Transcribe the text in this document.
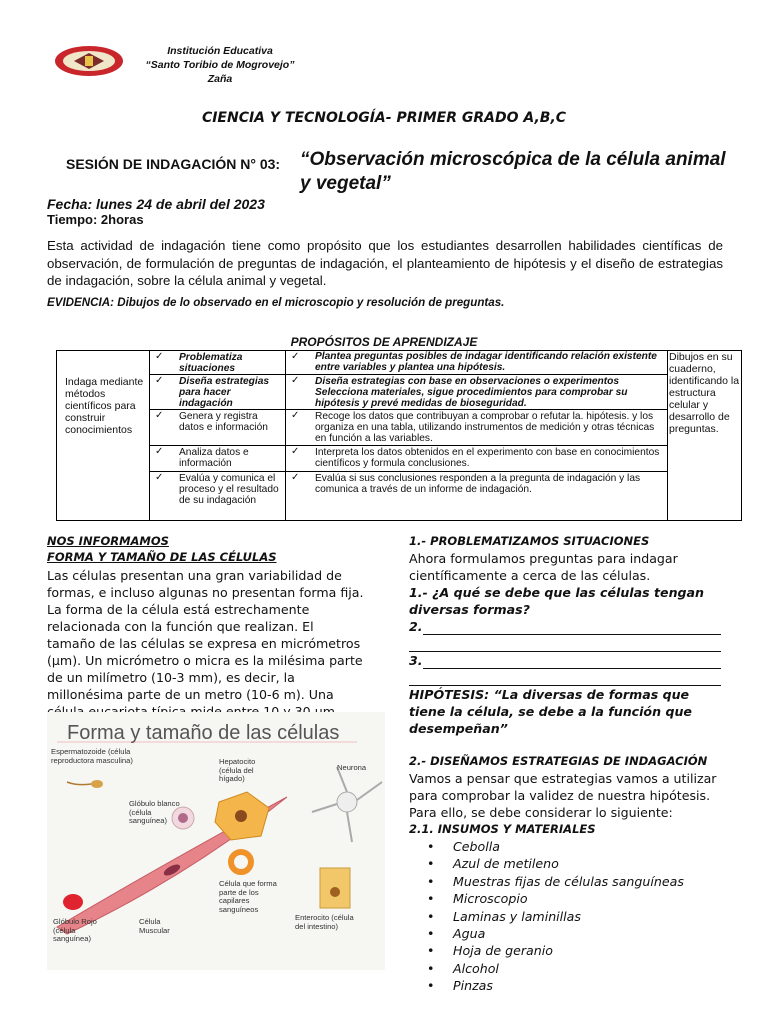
Institución Educativa
“Santo Toribio de Mogrovejo”
Zaña
CIENCIA Y TECNOLOGÍA- PRIMER GRADO A,B,C
SESIÓN DE INDAGACIÓN N° 03: “Observación microscópica de la célula animal y vegetal”
Fecha: lunes 24 de abril del 2023
Tiempo: 2horas
Esta actividad de indagación tiene como propósito que los estudiantes desarrollen habilidades científicas de observación, de formulación de preguntas de indagación, el planteamiento de hipótesis y el diseño de estrategias de indagación, sobre la célula animal y vegetal.
EVIDENCIA: Dibujos de lo observado en el microscopio y resolución de preguntas.
PROPÓSITOS DE APRENDIZAJE
Indaga mediante métodos científicos para construir conocimientos
Dibujos en su cuaderno, identificando la estructura celular y desarrollo de preguntas.
✓ Problematiza situaciones
✓ Plantea preguntas posibles de indagar identificando relación existente entre variables y plantea una hipótesis.
✓ Diseña estrategias para hacer indagación
✓ Diseña estrategias con base en observaciones o experimentos Selecciona materiales, sigue procedimientos para comprobar su hipótesis y prevé medidas de bioseguridad.
✓ Genera y registra datos e información
✓ Recoge los datos que contribuyan a comprobar o refutar la. hipótesis. y los organiza en una tabla, utilizando instrumentos de medición y otras técnicas en función a las variables.
✓ Analiza datos e información
✓ Interpreta los datos obtenidos en el experimento con base en conocimientos científicos y formula conclusiones.
✓ Evalúa y comunica el proceso y el resultado de su indagación
✓ Evalúa si sus conclusiones responden a la pregunta de indagación y las comunica a través de un informe de indagación.
NOS INFORMAMOS
FORMA Y TAMAÑO DE LAS CÉLULAS
Las células presentan una gran variabilidad de formas, e incluso algunas no presentan forma fija. La forma de la célula está estrechamente relacionada con la función que realizan. El tamaño de las células se expresa en micrómetros (µm). Un micrómetro o micra es la milésima parte de un milímetro (10-3 mm), es decir, la millonésima parte de un metro (10-6 m). Una
Forma y tamaño de las células
Espermatozoide (célula reproductora masculina)
Glóbulo blanco (célula sanguínea)
Hepatocito (célula del hígado)
Neurona
Célula que forma parte de los capilares sanguíneos
Enterocito (célula del intestino)
Glóbulo Rojo (célula sanguínea)
Célula Muscular
1.- PROBLEMATIZAMOS SITUACIONES
Ahora formulamos preguntas para indagar científicamente a cerca de las células.
1.- ¿A qué se debe que las células tengan diversas formas?
2.
3.
HIPÓTESIS: “La diversas de formas que tiene la célula, se debe a la función que desempeñan”
2.- DISEÑAMOS ESTRATEGIAS DE INDAGACIÓN
Vamos a pensar que estrategias vamos a utilizar para comprobar la validez de nuestra hipótesis. Para ello, se debe considerar lo siguiente:
2.1. INSUMOS Y MATERIALES
• Cebolla
• Azul de metileno
• Muestras fijas de células sanguíneas
• Microscopio
• Laminas y laminillas
• Agua
• Hoja de geranio
• Alcohol
• Pinzas
